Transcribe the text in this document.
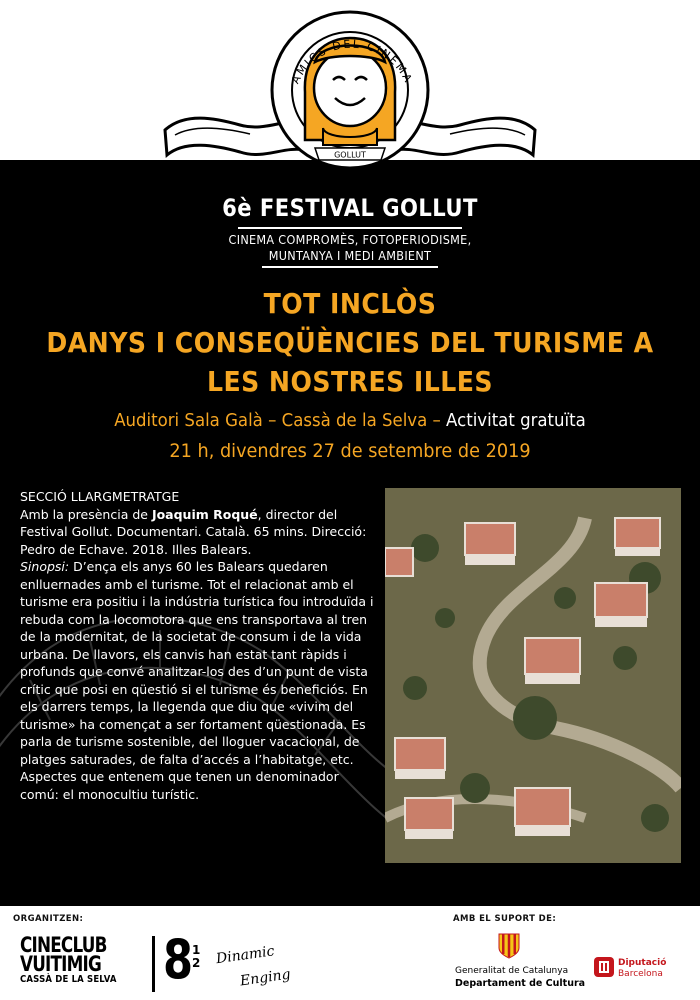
AMICS DEL CINEMA
GOLLUT
6è FESTIVAL GOLLUT
CINEMA COMPROMÈS, FOTOPERIODISME,
MUNTANYA I MEDI AMBIENT
TOT INCLÒS
DANYS I CONSEQÜÈNCIES DEL TURISME A
LES NOSTRES ILLES
Auditori Sala Galà – Cassà de la Selva – Activitat gratuïta
21 h, divendres 27 de setembre de 2019

SECCIÓ LLARGMETRATGE

Amb la presència de Joaquim Roqué, director del Festival Gollut. Documentari. Català. 65 mins. Direcció: Pedro de Echave. 2018. Illes Balears.

Sinopsi: D’ença els anys 60 les Balears quedaren enlluernades amb el turisme. Tot el relacionat amb el turisme era positiu i la indústria turística fou introduïda i rebuda com la locomotora que ens transportava al tren de la modernitat, de la societat de consum i de la vida urbana. De llavors, els canvis han estat tant ràpids i profunds que convé analitzar-los des d’un punt de vista crític que posi en qüestió si el turisme és beneficiós. En els darrers temps, la llegenda que diu que «vivim del turisme» ha començat a ser fortament qüestionada. Es parla de turisme sostenible, del lloguer vacacional, de platges saturades, de falta d’accés a l’habitatge, etc. Aspectes que entenem que tenen un denominador comú: el monocultiu turístic.

ORGANITZEN:	AMB EL SUPORT DE:
CINECLUB
VUITIMIG
CASSÀ DE LA SELVA 8
1
2 Dinamic
Enging	Generalitat de Catalunya
Departament de Cultura
Diputació
Barcelona
